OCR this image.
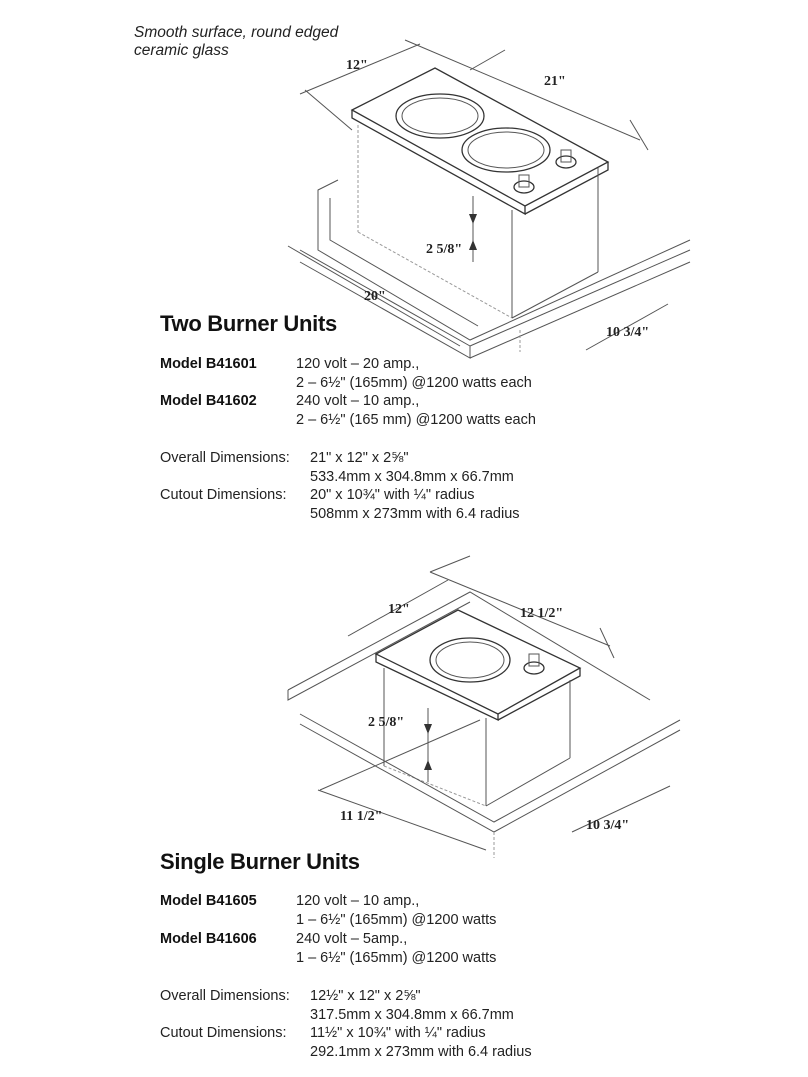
Smooth surface, round edged
ceramic glass
12"
21"
2 5/8"
20"
10 3/4"
Two Burner Units
Model B41601	120 volt – 20 amp.,
2 – 6½" (165mm) @1200 watts each
Model B41602	240 volt – 10 amp.,
2 – 6½" (165 mm) @1200 watts each
Overall Dimensions: 21" x 12" x 2⅝"
533.4mm x 304.8mm x 66.7mm
Cutout Dimensions: 20" x 10¾" with ¼" radius
508mm x 273mm with 6.4 radius
12"	12 1/2"
2 5/8"
11 1/2"
10 3/4"
Single Burner Units
Model B41605	120 volt – 10 amp.,
1 – 6½" (165mm) @1200 watts
Model B41606	240 volt – 5amp.,
1 – 6½" (165mm) @1200 watts
Overall Dimensions: 12½" x 12" x 2⅝"
317.5mm x 304.8mm x 66.7mm
Cutout Dimensions: 11½" x 10¾" with ¼" radius
292.1mm x 273mm with 6.4 radius
